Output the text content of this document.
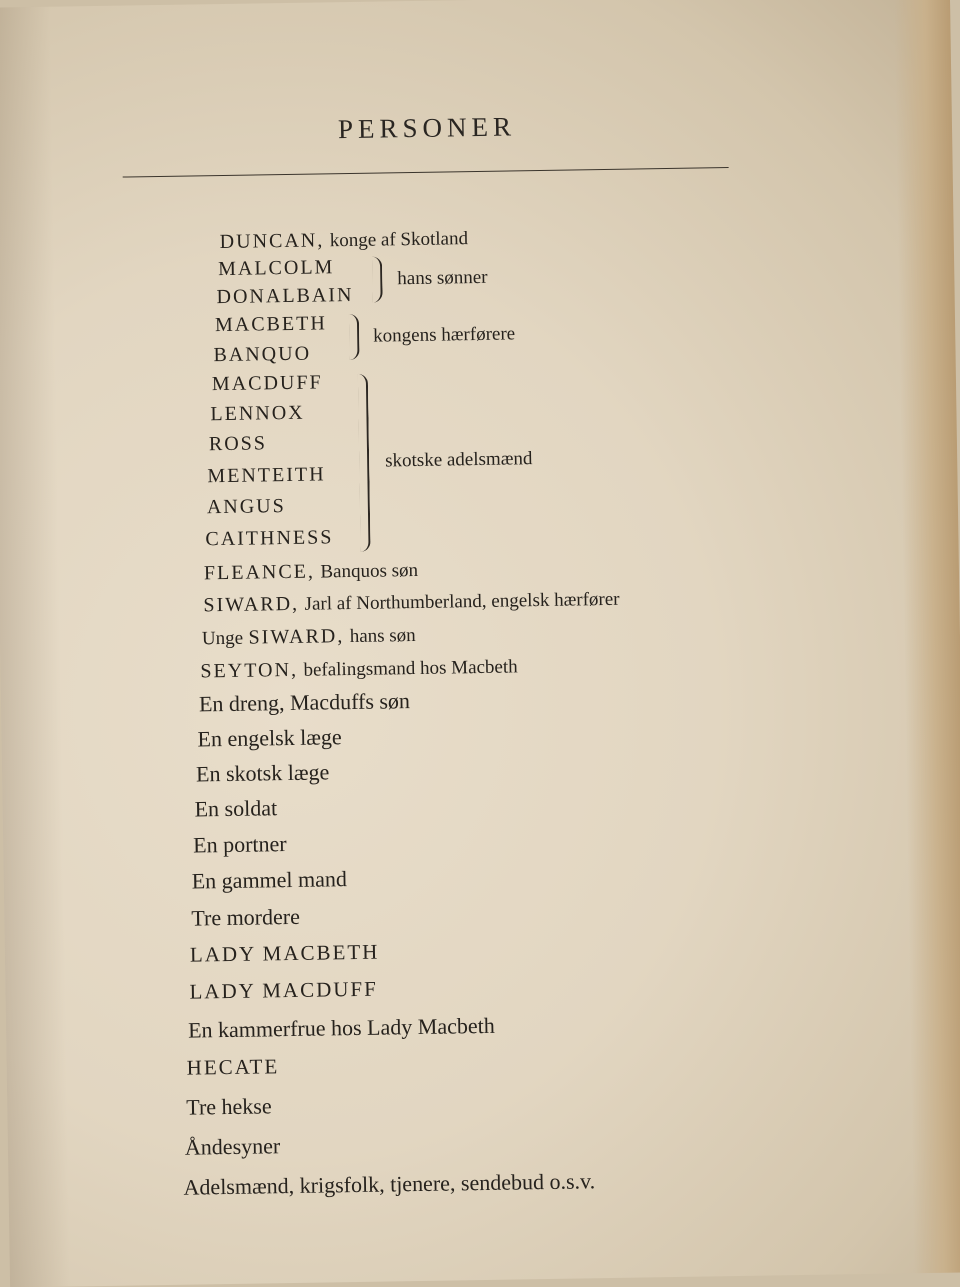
PERSONER
DUNCAN, konge af Skotland
MALCOLM
DONALBAIN
hans sønner
MACBETH
BANQUO
kongens hærførere
MACDUFF
LENNOX
ROSS
MENTEITH
ANGUS
CAITHNESS
skotske adelsmænd
FLEANCE, Banquos søn
SIWARD, Jarl af Northumberland, engelsk hærfører
Unge SIWARD, hans søn
SEYTON, befalingsmand hos Macbeth
En dreng, Macduffs søn
En engelsk læge
En skotsk læge
En soldat
En portner
En gammel mand
Tre mordere
LADY MACBETH
LADY MACDUFF
En kammerfrue hos Lady Macbeth
HECATE
Tre hekse
Åndesyner
Adelsmænd, krigsfolk, tjenere, sendebud o.s.v.
